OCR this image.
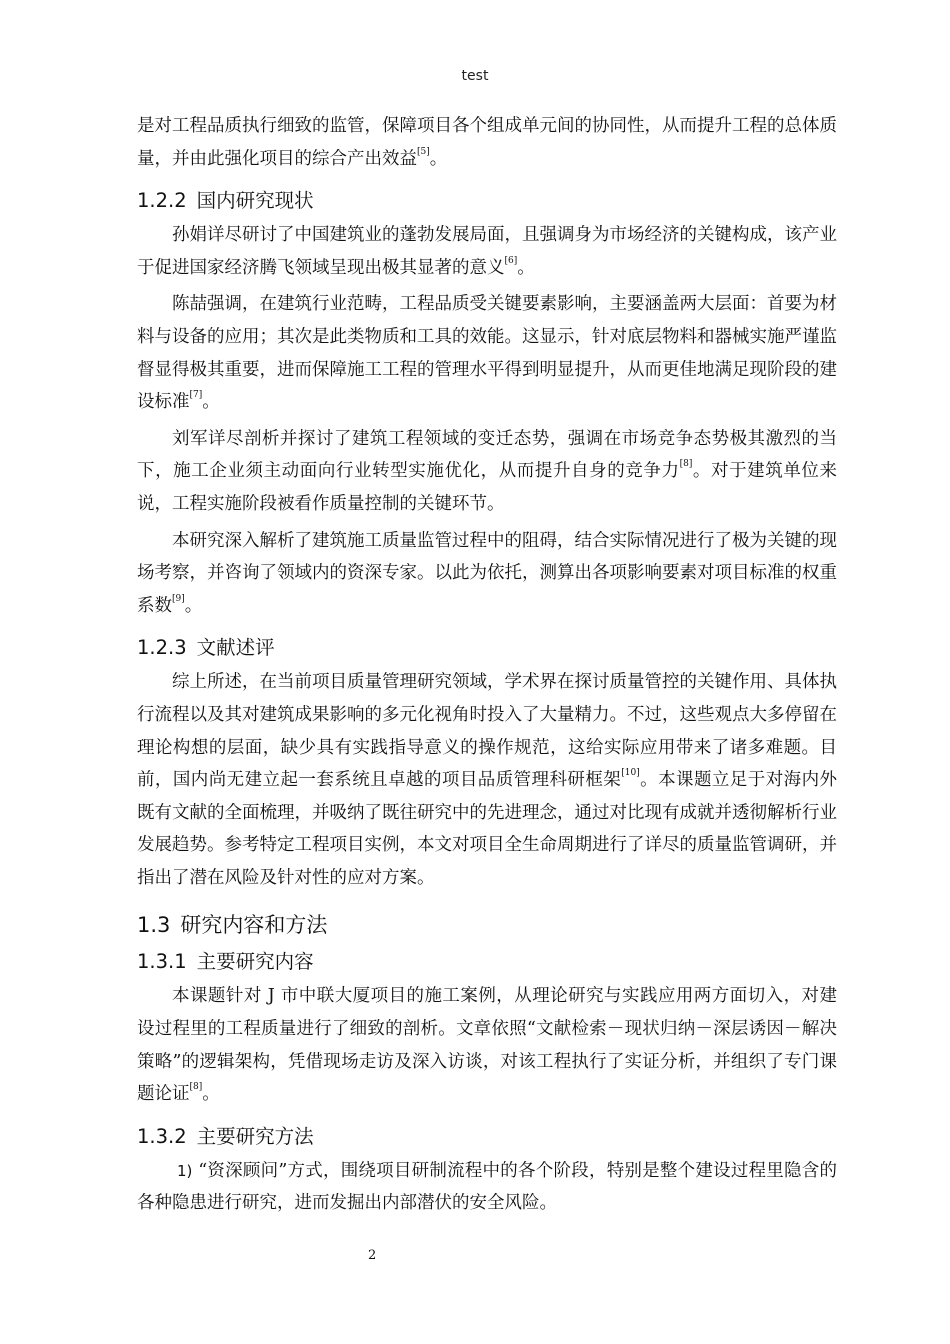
test

是对工程品质执行细致的监管，保障项目各个组成单元间的协同性，从而提升工程的总体质量，并由此强化项目的综合产出效益[5]。

1.2.2 国内研究现状

孙娟详尽研讨了中国建筑业的蓬勃发展局面，且强调身为市场经济的关键构成，该产业于促进国家经济腾飞领域呈现出极其显著的意义[6]。

陈喆强调，在建筑行业范畴，工程品质受关键要素影响，主要涵盖两大层面：首要为材料与设备的应用；其次是此类物质和工具的效能。这显示，针对底层物料和器械实施严谨监督显得极其重要，进而保障施工工程的管理水平得到明显提升，从而更佳地满足现阶段的建设标准[7]。

刘军详尽剖析并探讨了建筑工程领域的变迁态势，强调在市场竞争态势极其激烈的当下，施工企业须主动面向行业转型实施优化，从而提升自身的竞争力[8]。对于建筑单位来说，工程实施阶段被看作质量控制的关键环节。

本研究深入解析了建筑施工质量监管过程中的阻碍，结合实际情况进行了极为关键的现场考察，并咨询了领域内的资深专家。以此为依托，测算出各项影响要素对项目标准的权重系数[9]。

1.2.3 文献述评

综上所述，在当前项目质量管理研究领域，学术界在探讨质量管控的关键作用、具体执行流程以及其对建筑成果影响的多元化视角时投入了大量精力。不过，这些观点大多停留在理论构想的层面，缺少具有实践指导意义的操作规范，这给实际应用带来了诸多难题。目前，国内尚无建立起一套系统且卓越的项目品质管理科研框架[10]。本课题立足于对海内外既有文献的全面梳理，并吸纳了既往研究中的先进理念，通过对比现有成就并透彻解析行业发展趋势。参考特定工程项目实例，本文对项目全生命周期进行了详尽的质量监管调研，并指出了潜在风险及针对性的应对方案。

1.3 研究内容和方法
1.3.1 主要研究内容

本课题针对 J 市中联大厦项目的施工案例，从理论研究与实践应用两方面切入，对建设过程里的工程质量进行了细致的剖析。文章依照“文献检索－现状归纳－深层诱因－解决策略”的逻辑架构，凭借现场走访及深入访谈，对该工程执行了实证分析，并组织了专门课题论证[8]。

1.3.2 主要研究方法

1) “资深顾问”方式，围绕项目研制流程中的各个阶段，特别是整个建设过程里隐含的各种隐患进行研究，进而发掘出内部潜伏的安全风险。

2
